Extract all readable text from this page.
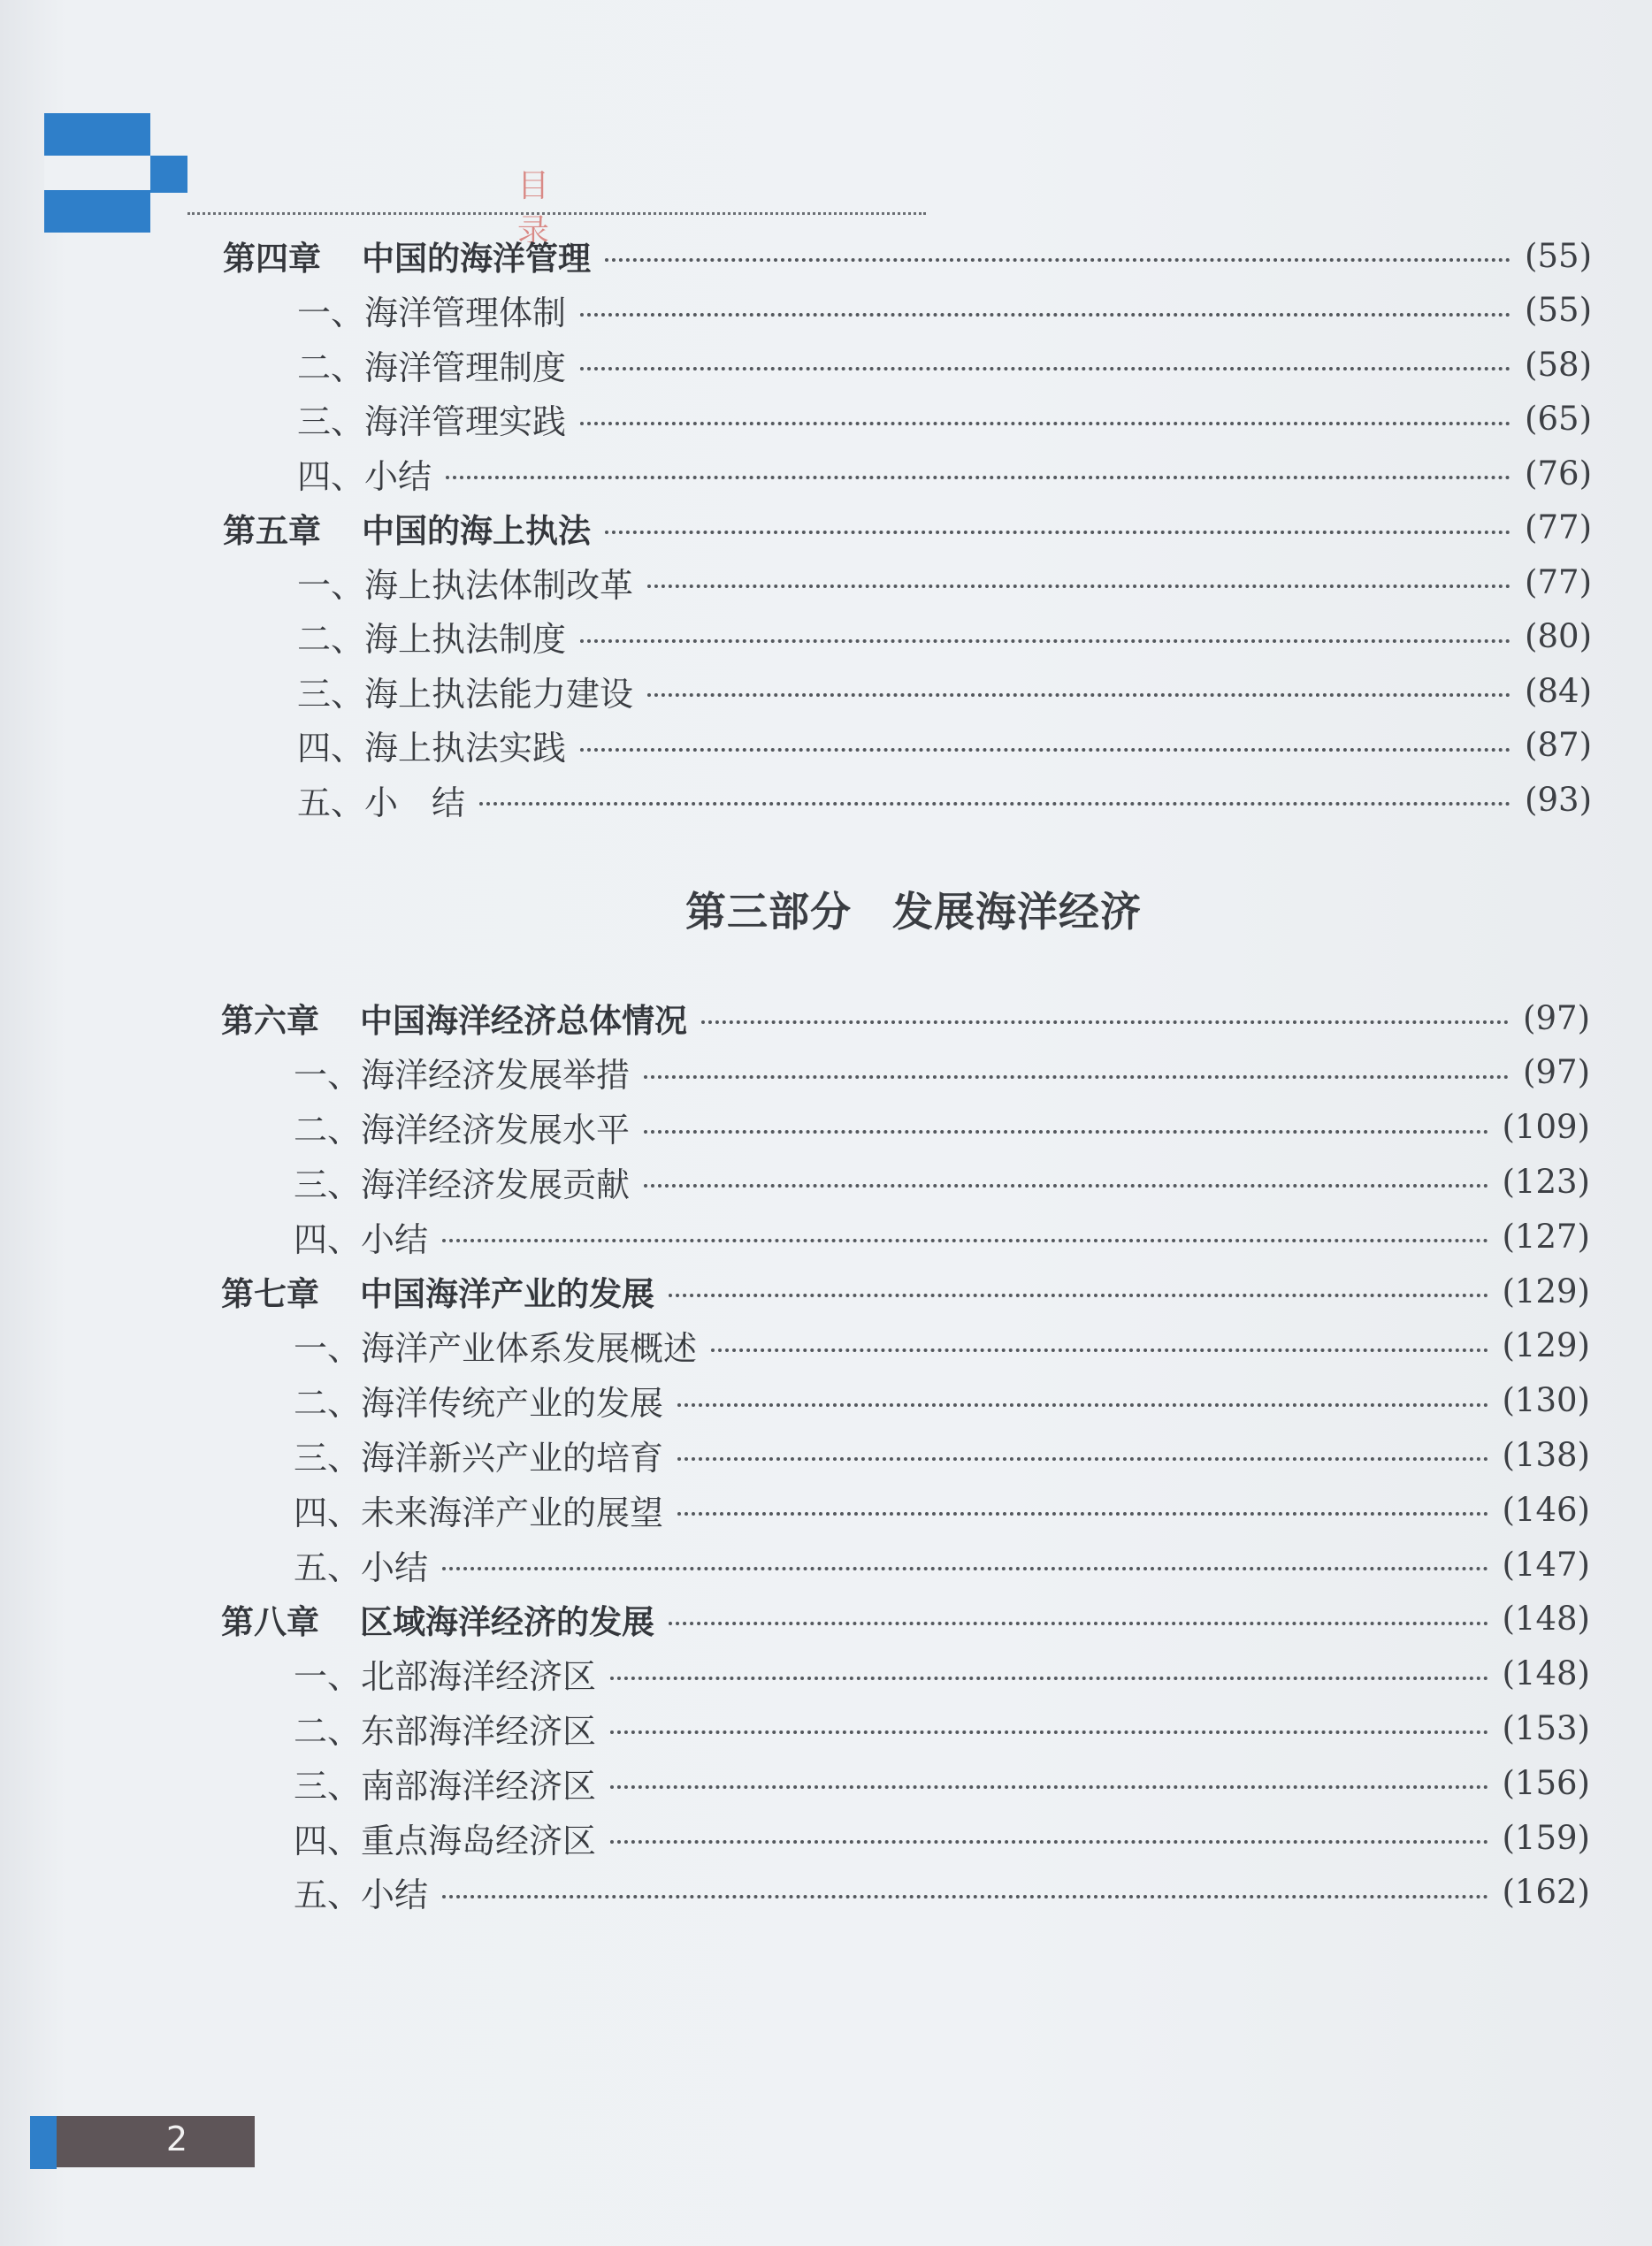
目 录
第四章 中国的海洋管理	(55)
一、海洋管理体制	(55)
二、海洋管理制度	(58)
三、海洋管理实践	(65)
四、小结	(76)
第五章 中国的海上执法	(77)
一、海上执法体制改革	(77)
二、海上执法制度	(80)
三、海上执法能力建设	(84)
四、海上执法实践	(87)
五、小　结	(93)
第六章 中国海洋经济总体情况	(97)
一、海洋经济发展举措	(97)
二、海洋经济发展水平	(109)
三、海洋经济发展贡献	(123)
四、小结	(127)
第七章 中国海洋产业的发展	(129)
一、海洋产业体系发展概述	(129)
二、海洋传统产业的发展	(130)
三、海洋新兴产业的培育	(138)
四、未来海洋产业的展望	(146)
五、小结	(147)
第八章 区域海洋经济的发展	(148)
一、北部海洋经济区	(148)
二、东部海洋经济区	(153)
三、南部海洋经济区	(156)
四、重点海岛经济区	(159)
五、小结	(162)
第三部分 发展海洋经济
2
